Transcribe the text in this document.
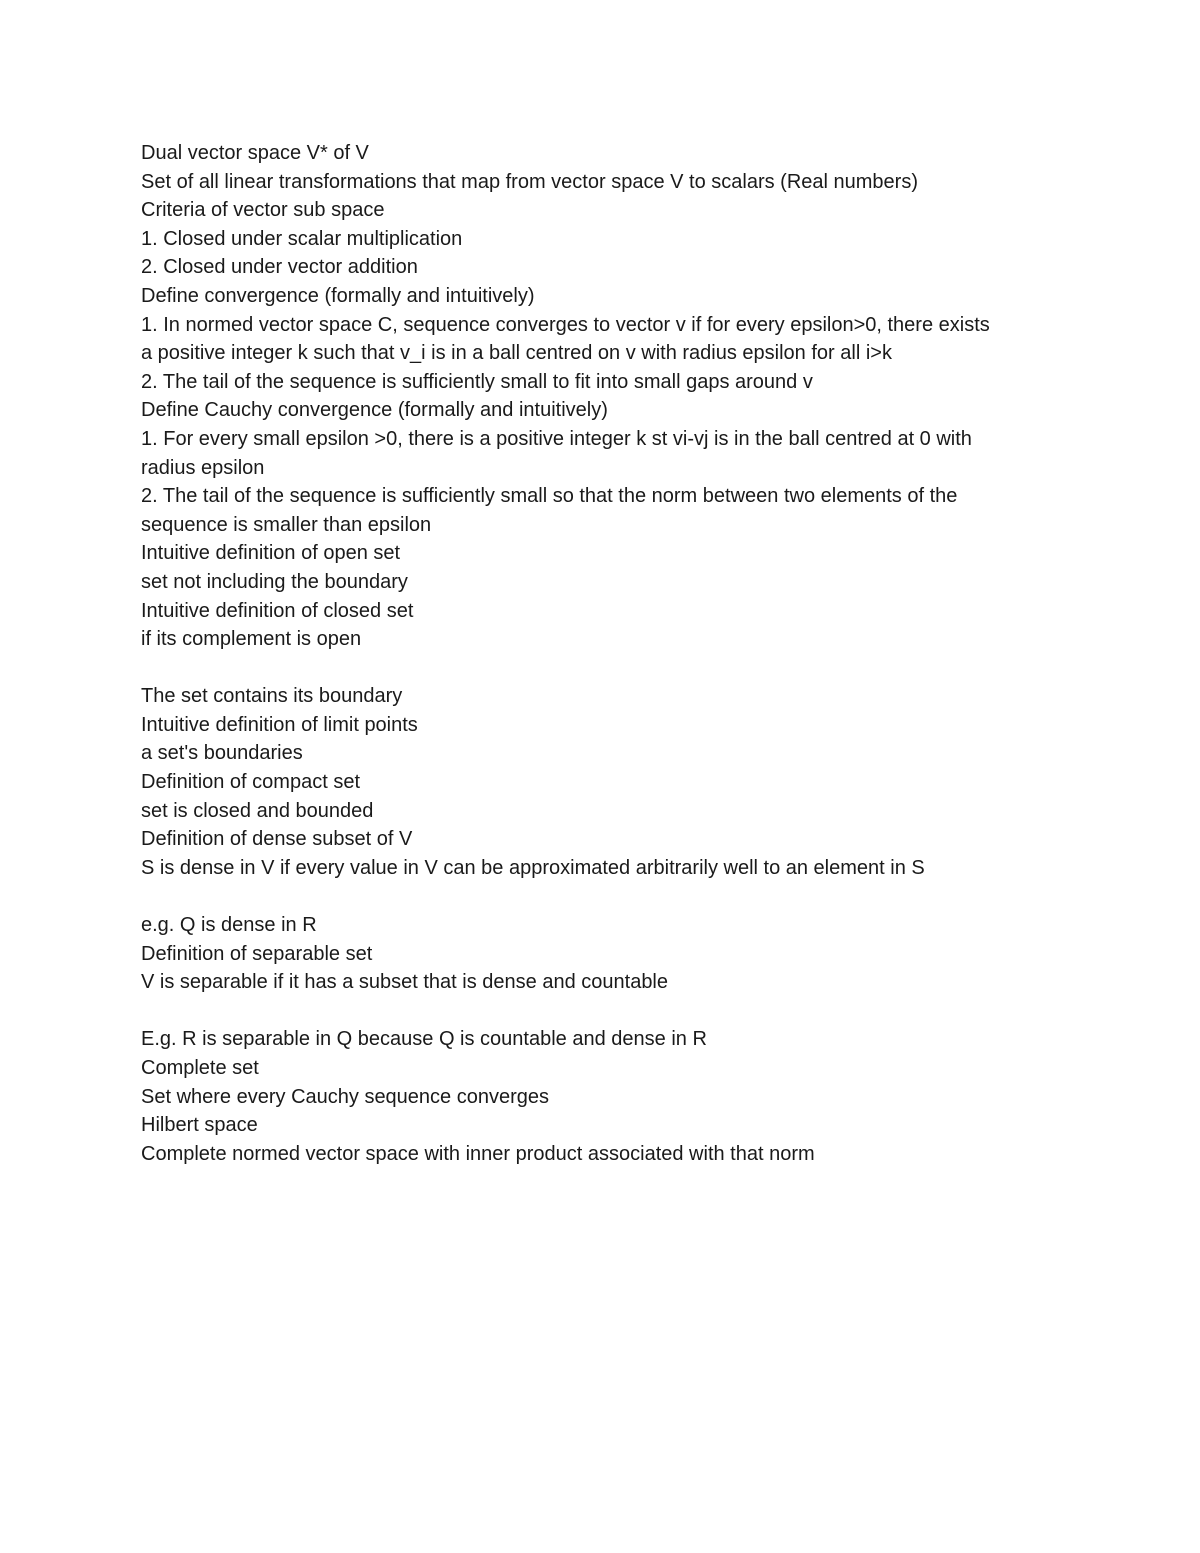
Dual vector space V* of V
Set of all linear transformations that map from vector space V to scalars (Real numbers)
Criteria of vector sub space
1. Closed under scalar multiplication
2. Closed under vector addition
Define convergence (formally and intuitively)
1. In normed vector space C, sequence converges to vector v if for every epsilon>0, there exists
a positive integer k such that v_i is in a ball centred on v with radius epsilon for all i>k
2. The tail of the sequence is sufficiently small to fit into small gaps around v
Define Cauchy convergence (formally and intuitively)
1. For every small epsilon >0, there is a positive integer k st vi-vj is in the ball centred at 0 with
radius epsilon
2. The tail of the sequence is sufficiently small so that the norm between two elements of the
sequence is smaller than epsilon
Intuitive definition of open set
set not including the boundary
Intuitive definition of closed set
if its complement is open
The set contains its boundary
Intuitive definition of limit points
a set's boundaries
Definition of compact set
set is closed and bounded
Definition of dense subset of V
S is dense in V if every value in V can be approximated arbitrarily well to an element in S
e.g. Q is dense in R
Definition of separable set
V is separable if it has a subset that is dense and countable
E.g. R is separable in Q because Q is countable and dense in R
Complete set
Set where every Cauchy sequence converges
Hilbert space
Complete normed vector space with inner product associated with that norm
